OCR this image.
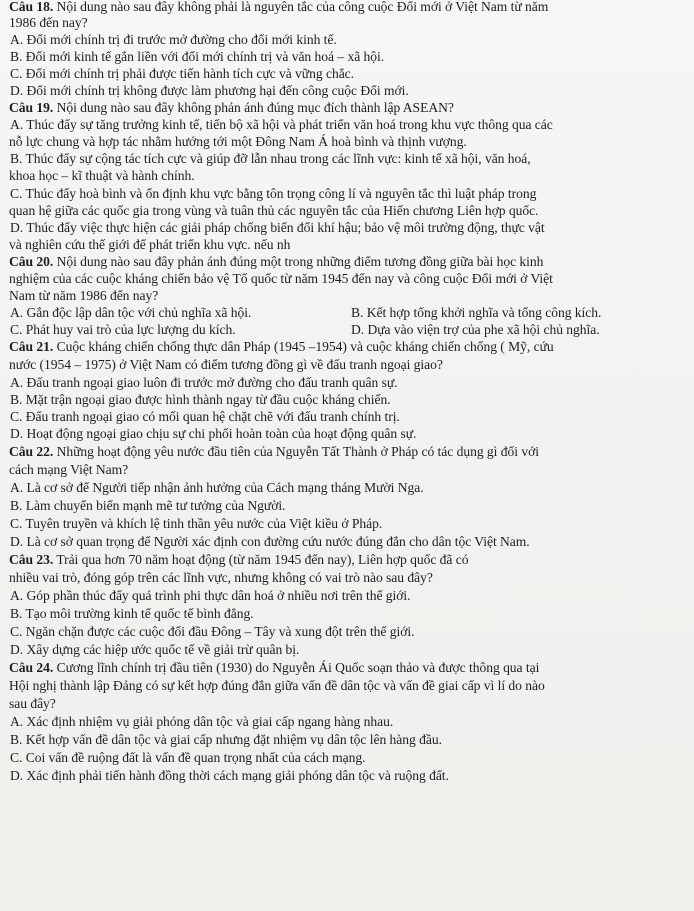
Câu 18. Nội dung nào sau đây không phải là nguyên tắc của công cuộc Đổi mới ở Việt Nam từ năm
1986 đến nay?
A. Đổi mới chính trị đi trước mở đường cho đổi mới kinh tế.
B. Đổi mới kinh tế gắn liền với đổi mới chính trị và văn hoá – xã hội.
C. Đổi mới chính trị phải được tiến hành tích cực và vững chắc.
D. Đổi mới chính trị không được làm phương hại đến công cuộc Đổi mới.
Câu 19. Nội dung nào sau đây không phản ánh đúng mục đích thành lập ASEAN?
A. Thúc đẩy sự tăng trưởng kinh tế, tiến bộ xã hội và phát triển văn hoá trong khu vực thông qua các
nỗ lực chung và hợp tác nhằm hướng tới một Đông Nam Á hoà bình và thịnh vượng.
B. Thúc đẩy sự cộng tác tích cực và giúp đỡ lẫn nhau trong các lĩnh vực: kinh tế xã hội, văn hoá,
khoa học – kĩ thuật và hành chính.
C. Thúc đẩy hoà bình và ổn định khu vực bằng tôn trọng công lí và nguyên tắc thì luật pháp trong
quan hệ giữa các quốc gia trong vùng và tuân thủ các nguyên tắc của Hiến chương Liên hợp quốc.
D. Thúc đẩy việc thực hiện các giải pháp chống biến đổi khí hậu; bảo vệ môi trường động, thực vật
và nghiên cứu thế giới để phát triển khu vực. nếu nh
Câu 20. Nội dung nào sau đây phản ánh đúng một trong những điểm tương đồng giữa bài học kinh
nghiệm của các cuộc kháng chiến bảo vệ Tổ quốc từ năm 1945 đến nay và công cuộc Đổi mới ở Việt
Nam từ năm 1986 đến nay?
A. Gắn độc lập dân tộc với chủ nghĩa xã hội.	B. Kết hợp tổng khởi nghĩa và tổng công kích.
C. Phát huy vai trò của lực lượng du kích.	D. Dựa vào viện trợ của phe xã hội chủ nghĩa.
Câu 21. Cuộc kháng chiến chống thực dân Pháp (1945 –1954) và cuộc kháng chiến chống ( Mỹ, cứu
nước (1954 – 1975) ở Việt Nam có điểm tương đồng gì về đấu tranh ngoại giao?
A. Đấu tranh ngoại giao luôn đi trước mở đường cho đấu tranh quân sự.
B. Mặt trận ngoại giao được hình thành ngay từ đầu cuộc kháng chiến.
C. Đấu tranh ngoại giao có mối quan hệ chặt chẽ với đấu tranh chính trị.
D. Hoạt động ngoại giao chịu sự chi phối hoàn toàn của hoạt động quân sự.
Câu 22. Những hoạt động yêu nước đầu tiên của Nguyễn Tất Thành ở Pháp có tác dụng gì đối với
cách mạng Việt Nam?
A. Là cơ sở để Người tiếp nhận ảnh hưởng của Cách mạng tháng Mười Nga.
B. Làm chuyển biến mạnh mẽ tư tưởng của Người.
C. Tuyên truyền và khích lệ tinh thần yêu nước của Việt kiều ở Pháp.
D. Là cơ sở quan trọng để Người xác định con đường cứu nước đúng đắn cho dân tộc Việt Nam.
Câu 23. Trải qua hơn 70 năm hoạt động (từ năm 1945 đến nay), Liên hợp quốc đã có
nhiều vai trò, đóng góp trên các lĩnh vực, nhưng không có vai trò nào sau đây?
A. Góp phần thúc đẩy quá trình phi thực dân hoá ở nhiều nơi trên thế giới.
B. Tạo môi trường kinh tế quốc tế bình đẳng.
C. Ngăn chặn được các cuộc đối đầu Đông – Tây và xung đột trên thế giới.
D. Xây dựng các hiệp ước quốc tế về giải trừ quân bị.
Câu 24. Cương lĩnh chính trị đầu tiên (1930) do Nguyễn Ái Quốc soạn thảo và được thông qua tại
Hội nghị thành lập Đảng có sự kết hợp đúng đắn giữa vấn đề dân tộc và vấn đề giai cấp vì lí do nào
sau đây?
A. Xác định nhiệm vụ giải phóng dân tộc và giai cấp ngang hàng nhau.
B. Kết hợp vấn đề dân tộc và giai cấp nhưng đặt nhiệm vụ dân tộc lên hàng đầu.
C. Coi vấn đề ruộng đất là vấn đề quan trọng nhất của cách mạng.
D. Xác định phải tiến hành đồng thời cách mạng giải phóng dân tộc và ruộng đất.
